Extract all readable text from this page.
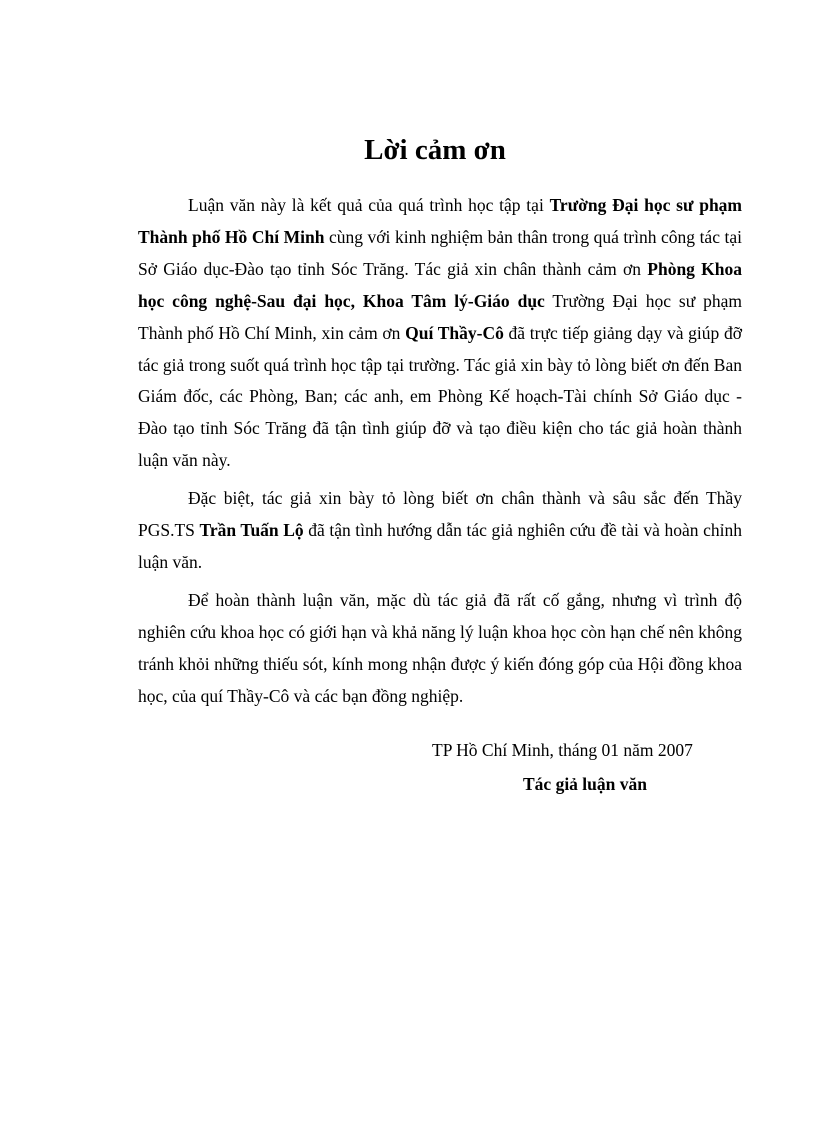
Lời cảm ơn

Luận văn này là kết quả của quá trình học tập tại Trường Đại học sư phạm Thành phố Hồ Chí Minh cùng với kinh nghiệm bản thân trong quá trình công tác tại Sở Giáo dục-Đào tạo tỉnh Sóc Trăng. Tác giả xin chân thành cảm ơn Phòng Khoa học công nghệ-Sau đại học, Khoa Tâm lý-Giáo dục Trường Đại học sư phạm Thành phố Hồ Chí Minh, xin cảm ơn Quí Thầy-Cô đã trực tiếp giảng dạy và giúp đỡ tác giả trong suốt quá trình học tập tại trường. Tác giả xin bày tỏ lòng biết ơn đến Ban Giám đốc, các Phòng, Ban; các anh, em Phòng Kế hoạch-Tài chính Sở Giáo dục - Đào tạo tỉnh Sóc Trăng đã tận tình giúp đỡ và tạo điều kiện cho tác giả hoàn thành luận văn này.

Đặc biệt, tác giả xin bày tỏ lòng biết ơn chân thành và sâu sắc đến Thầy PGS.TS Trần Tuấn Lộ đã tận tình hướng dẫn tác giả nghiên cứu đề tài và hoàn chỉnh luận văn.

Để hoàn thành luận văn, mặc dù tác giả đã rất cố gắng, nhưng vì trình độ nghiên cứu khoa học có giới hạn và khả năng lý luận khoa học còn hạn chế nên không tránh khỏi những thiếu sót, kính mong nhận được ý kiến đóng góp của Hội đồng khoa học, của quí Thầy-Cô và các bạn đồng nghiệp.

TP Hồ Chí Minh, tháng 01 năm 2007
Tác giả luận văn
